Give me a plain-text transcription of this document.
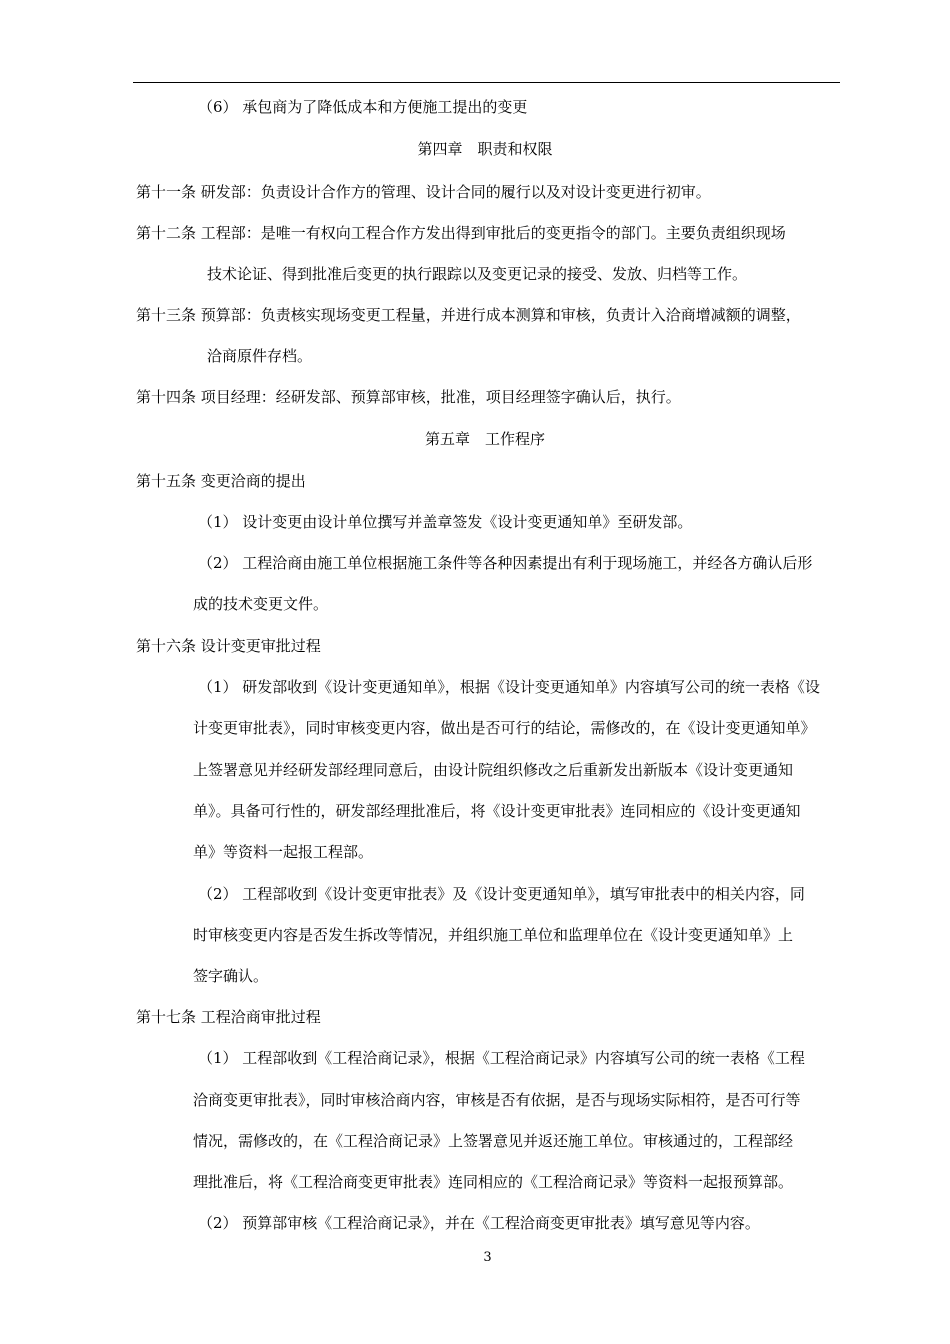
（6） 承包商为了降低成本和方便施工提出的变更
第四章　职责和权限
第十一条 研发部：负责设计合作方的管理、设计合同的履行以及对设计变更进行初审。
第十二条 工程部：是唯一有权向工程合作方发出得到审批后的变更指令的部门。主要负责组织现场
技术论证、得到批准后变更的执行跟踪以及变更记录的接受、发放、归档等工作。
第十三条 预算部：负责核实现场变更工程量，并进行成本测算和审核，负责计入洽商增减额的调整，
洽商原件存档。
第十四条 项目经理：经研发部、预算部审核，批准，项目经理签字确认后，执行。
第五章　工作程序
第十五条 变更洽商的提出
（1） 设计变更由设计单位撰写并盖章签发《设计变更通知单》至研发部。
（2） 工程洽商由施工单位根据施工条件等各种因素提出有利于现场施工，并经各方确认后形
成的技术变更文件。
第十六条 设计变更审批过程
（1） 研发部收到《设计变更通知单》，根据《设计变更通知单》内容填写公司的统一表格《设
计变更审批表》，同时审核变更内容，做出是否可行的结论，需修改的，在《设计变更通知单》
上签署意见并经研发部经理同意后，由设计院组织修改之后重新发出新版本《设计变更通知
单》。具备可行性的，研发部经理批准后，将《设计变更审批表》连同相应的《设计变更通知
单》等资料一起报工程部。
（2） 工程部收到《设计变更审批表》及《设计变更通知单》，填写审批表中的相关内容，同
时审核变更内容是否发生拆改等情况，并组织施工单位和监理单位在《设计变更通知单》上
签字确认。
第十七条 工程洽商审批过程
（1） 工程部收到《工程洽商记录》，根据《工程洽商记录》内容填写公司的统一表格《工程
洽商变更审批表》，同时审核洽商内容，审核是否有依据，是否与现场实际相符，是否可行等
情况，需修改的，在《工程洽商记录》上签署意见并返还施工单位。审核通过的，工程部经
理批准后，将《工程洽商变更审批表》连同相应的《工程洽商记录》等资料一起报预算部。
（2） 预算部审核《工程洽商记录》，并在《工程洽商变更审批表》填写意见等内容。
3
